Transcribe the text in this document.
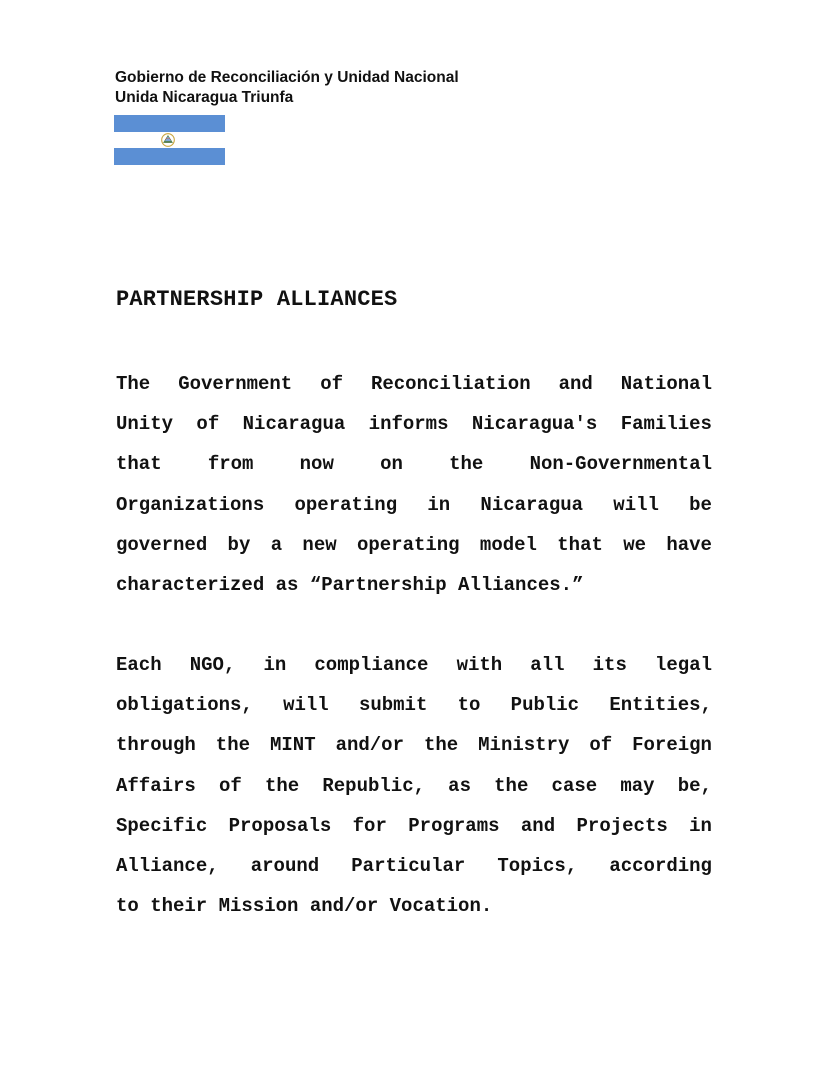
Gobierno de Reconciliación y Unidad Nacional
Unida Nicaragua Triunfa
PARTNERSHIP ALLIANCES
The Government of Reconciliation and National
Unity of Nicaragua informs Nicaragua's Families
that from now on the Non-Governmental
Organizations operating in Nicaragua will be
governed by a new operating model that we have
characterized as “Partnership Alliances.”
Each NGO, in compliance with all its legal
obligations, will submit to Public Entities,
through the MINT and/or the Ministry of Foreign
Affairs of the Republic, as the case may be,
Specific Proposals for Programs and Projects in
Alliance, around Particular Topics, according
to their Mission and/or Vocation.
